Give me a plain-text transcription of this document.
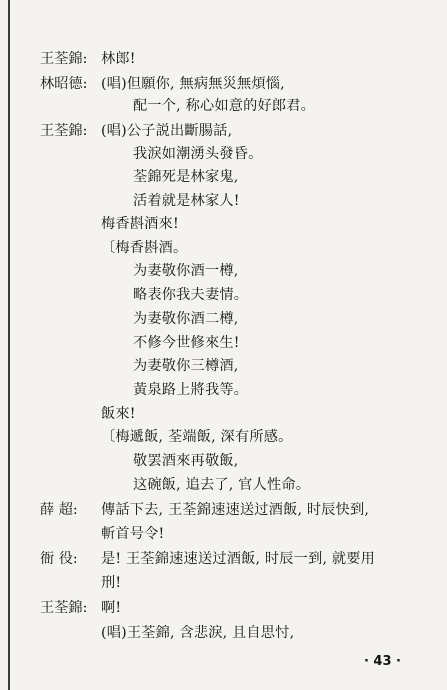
王荃錦: 林郎!
林昭德: (唱)但願你, 無病無災無煩惱,
配一个, 称心如意的好郎君。
王荃錦: (唱)公子説出斷腸話,
我淚如潮湧头發昏。
荃錦死是林家鬼,
活着就是林家人!
梅香斟酒來!
〔梅香斟酒。
为妻敬你酒一樽,
略表你我夫妻情。
为妻敬你酒二樽,
不修今世修來生!
为妻敬你三樽酒,
黃泉路上將我等。
飯來!
〔梅遞飯, 荃端飯, 深有所感。
敬罢酒來再敬飯,
这碗飯, 追去了, 官人性命。
薛 超: 傳話下去, 王荃錦速速送过酒飯, 时辰快到,
斬首号令!
衙 役: 是! 王荃錦速速送过酒飯, 时辰一到, 就要用
刑!
王荃錦: 啊!
(唱)王荃錦, 含悲淚, 且自思忖,
· 43 ·
